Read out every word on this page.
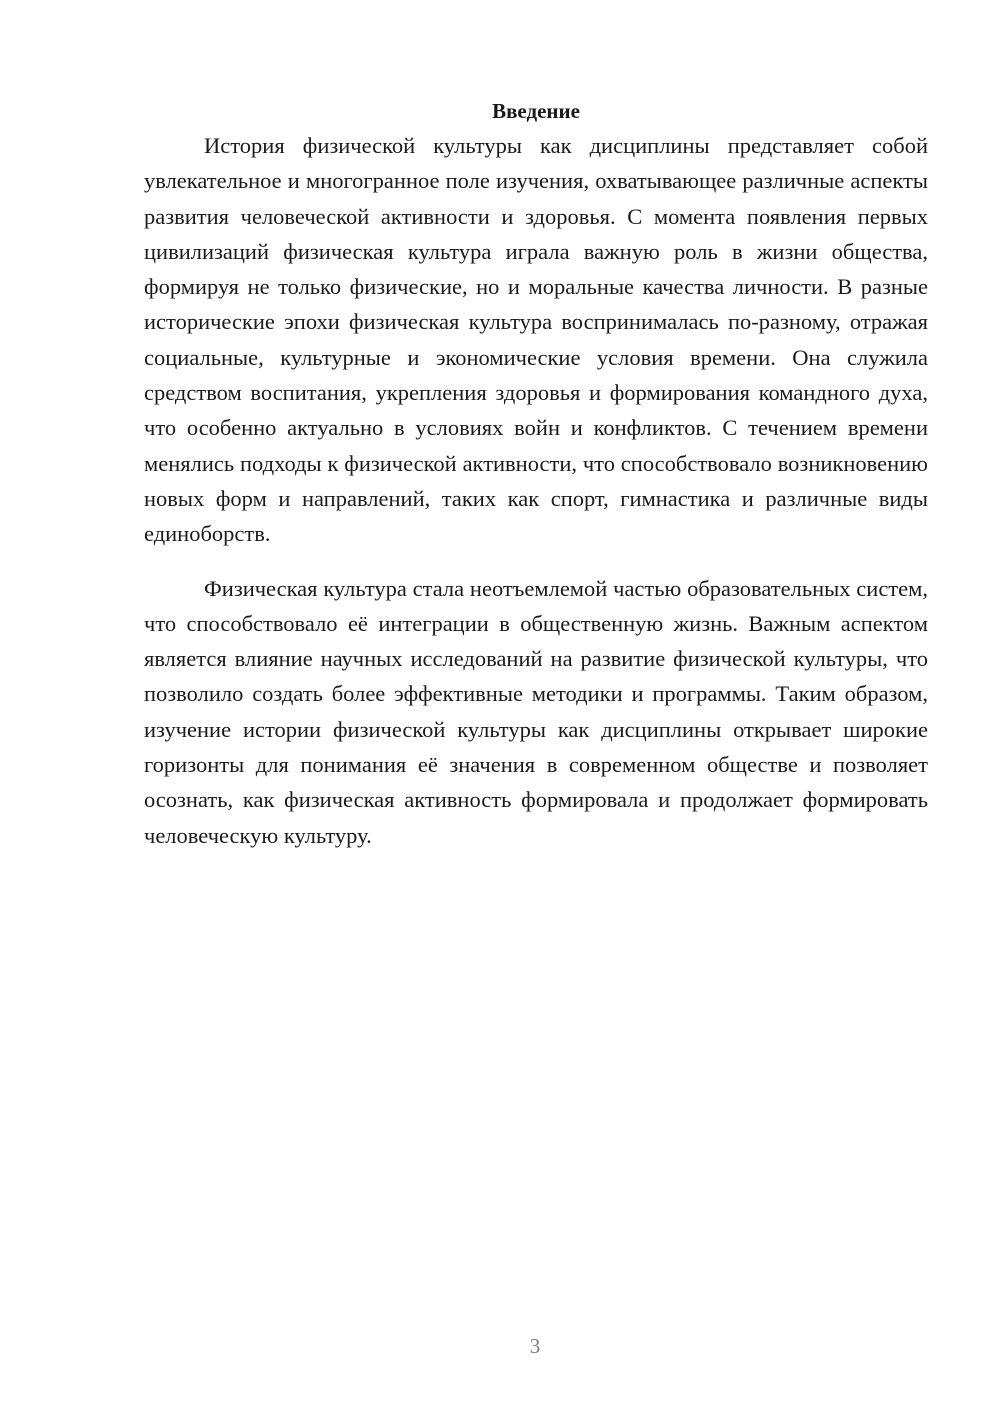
Введение

История физической культуры как дисциплины представляет собой увлекательное и многогранное поле изучения, охватывающее различные аспекты развития человеческой активности и здоровья. С момента появления первых цивилизаций физическая культура играла важную роль в жизни общества, формируя не только физические, но и моральные качества личности. В разные исторические эпохи физическая культура воспринималась по-разному, отражая социальные, культурные и экономические условия времени. Она служила средством воспитания, укрепления здоровья и формирования командного духа, что особенно актуально в условиях войн и конфликтов. С течением времени менялись подходы к физической активности, что способствовало возникновению новых форм и направлений, таких как спорт, гимнастика и различные виды единоборств.

Физическая культура стала неотъемлемой частью образовательных систем, что способствовало её интеграции в общественную жизнь. Важным аспектом является влияние научных исследований на развитие физической культуры, что позволило создать более эффективные методики и программы. Таким образом, изучение истории физической культуры как дисциплины открывает широкие горизонты для понимания её значения в современном обществе и позволяет осознать, как физическая активность формировала и продолжает формировать человеческую культуру.

3
